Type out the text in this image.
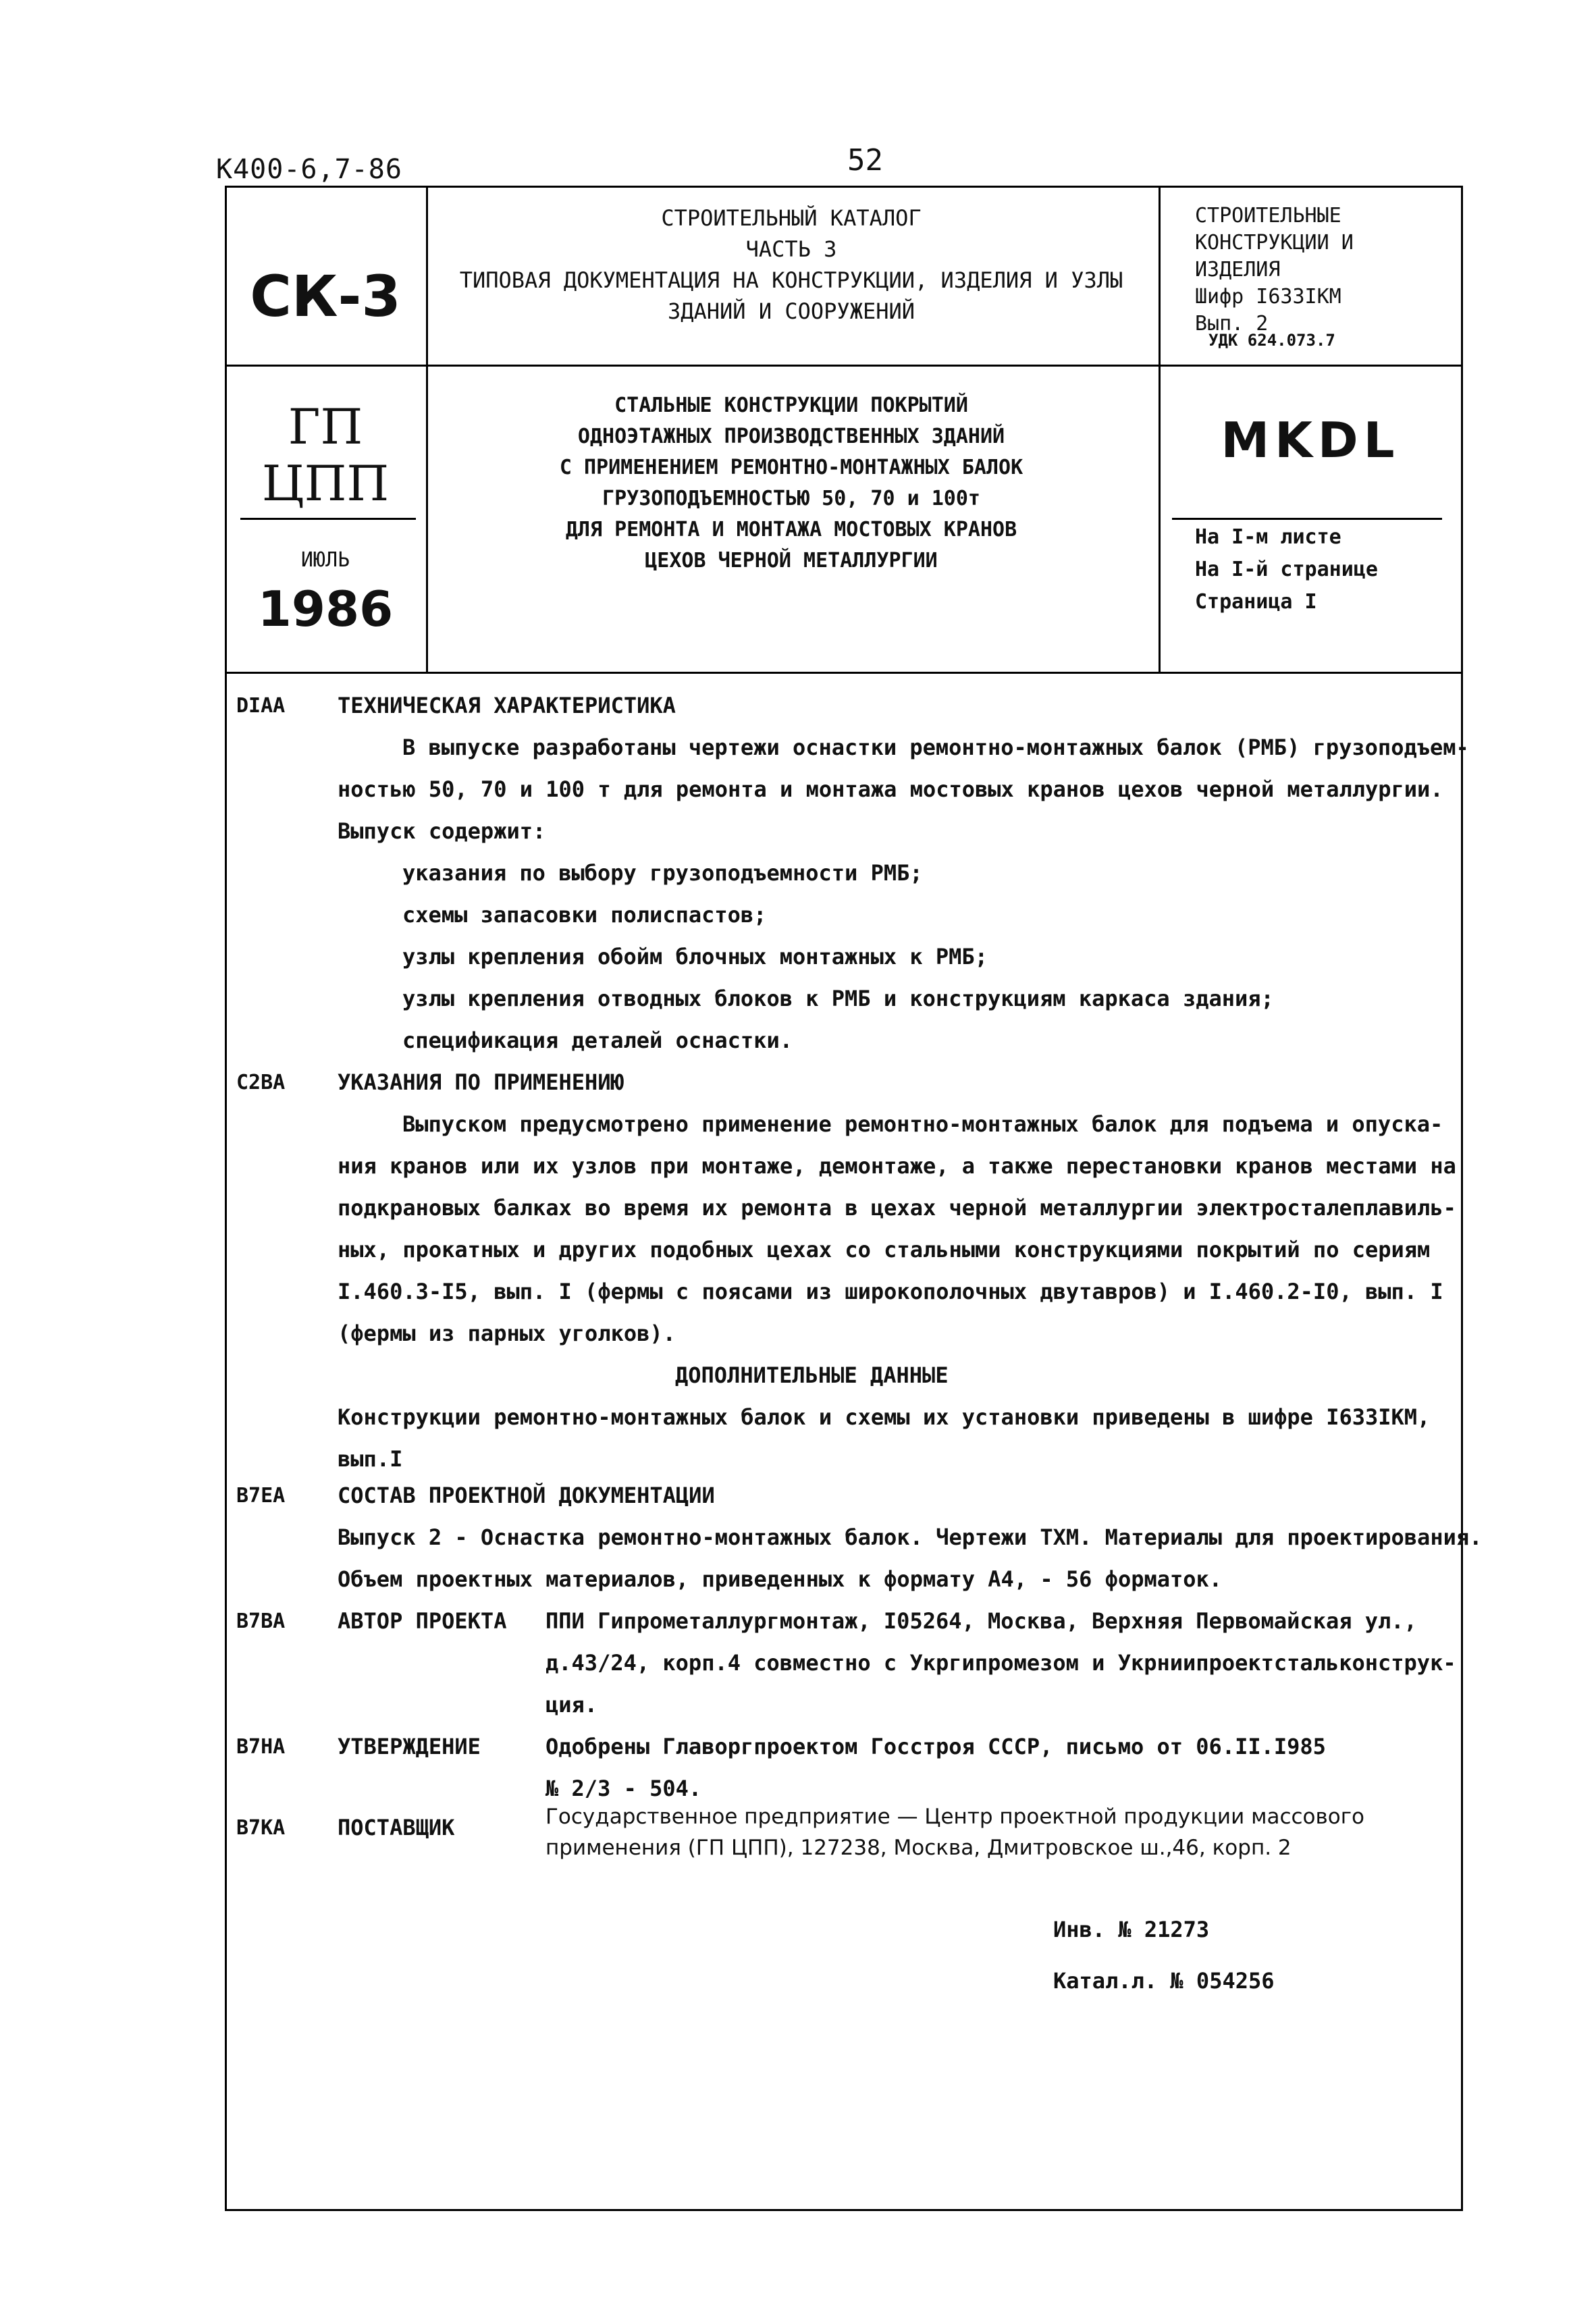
К400-6,7-86	52
СК-3
СТРОИТЕЛЬНЫЙ КАТАЛОГ
ЧАСТЬ 3
ТИПОВАЯ ДОКУМЕНТАЦИЯ НА КОНСТРУКЦИИ, ИЗДЕЛИЯ И УЗЛЫ
ЗДАНИЙ И СООРУЖЕНИЙ
СТРОИТЕЛЬНЫЕ
КОНСТРУКЦИИ И
ИЗДЕЛИЯ
Шифр I633IКМ
Вып. 2
УДК 624.073.7
ГП
ЦПП
ИЮЛЬ
1986
СТАЛЬНЫЕ КОНСТРУКЦИИ ПОКРЫТИЙ
ОДНОЭТАЖНЫХ ПРОИЗВОДСТВЕННЫХ ЗДАНИЙ
С ПРИМЕНЕНИЕМ РЕМОНТНО-МОНТАЖНЫХ БАЛОК
ГРУЗОПОДЪЕМНОСТЬЮ 50, 70 и 100т
ДЛЯ РЕМОНТА И МОНТАЖА МОСТОВЫХ КРАНОВ
ЦЕХОВ ЧЕРНОЙ МЕТАЛЛУРГИИ
MKDL
На I-м листе
На I-й странице
Страница I
DIAA ТЕХНИЧЕСКАЯ ХАРАКТЕРИСТИКА
В выпуске разработаны чертежи оснастки ремонтно-монтажных балок (РМБ) грузоподъем-
ностью 50, 70 и 100 т для ремонта и монтажа мостовых кранов цехов черной металлургии.
Выпуск содержит:
указания по выбору грузоподъемности РМБ;
схемы запасовки полиспастов;
узлы крепления обойм блочных монтажных к РМБ;
узлы крепления отводных блоков к РМБ и конструкциям каркаса здания;
спецификация деталей оснастки.
C2BA УКАЗАНИЯ ПО ПРИМЕНЕНИЮ
Выпуском предусмотрено применение ремонтно-монтажных балок для подъема и опуска-
ния кранов или их узлов при монтаже, демонтаже, а также перестановки кранов местами на
подкрановых балках во время их ремонта в цехах черной металлургии электросталеплавиль-
ных, прокатных и других подобных цехах со стальными конструкциями покрытий по сериям
I.460.3-I5, вып. I (фермы с поясами из широкополочных двутавров) и I.460.2-I0, вып. I
(фермы из парных уголков).
ДОПОЛНИТЕЛЬНЫЕ ДАННЫЕ
Конструкции ремонтно-монтажных балок и схемы их установки приведены в шифре I633IКМ,
вып.I
B7EA СОСТАВ ПРОЕКТНОЙ ДОКУМЕНТАЦИИ
Выпуск 2 - Оснастка ремонтно-монтажных балок. Чертежи ТХМ. Материалы для проектирования.
Объем проектных материалов, приведенных к формату А4, - 56 форматок.
B7BA АВТОР ПРОЕКТА ППИ Гипрометаллургмонтаж, I05264, Москва, Верхняя Первомайская ул.,
д.43/24, корп.4 совместно с Укргипромезом и Укрниипроектстальконструк-
ция.
B7HA УТВЕРЖДЕНИЕ	Одобрены Главоргпроектом Госстроя СССР, письмо от 06.II.I985
№ 2/3 - 504.
B7KA ПОСТАВЩИК	Государственное предприятие — Центр проектной продукции массового
применения (ГП ЦПП), 127238, Москва, Дмитровское ш.,46, корп. 2
Инв. № 21273
Катал.л. № 054256
